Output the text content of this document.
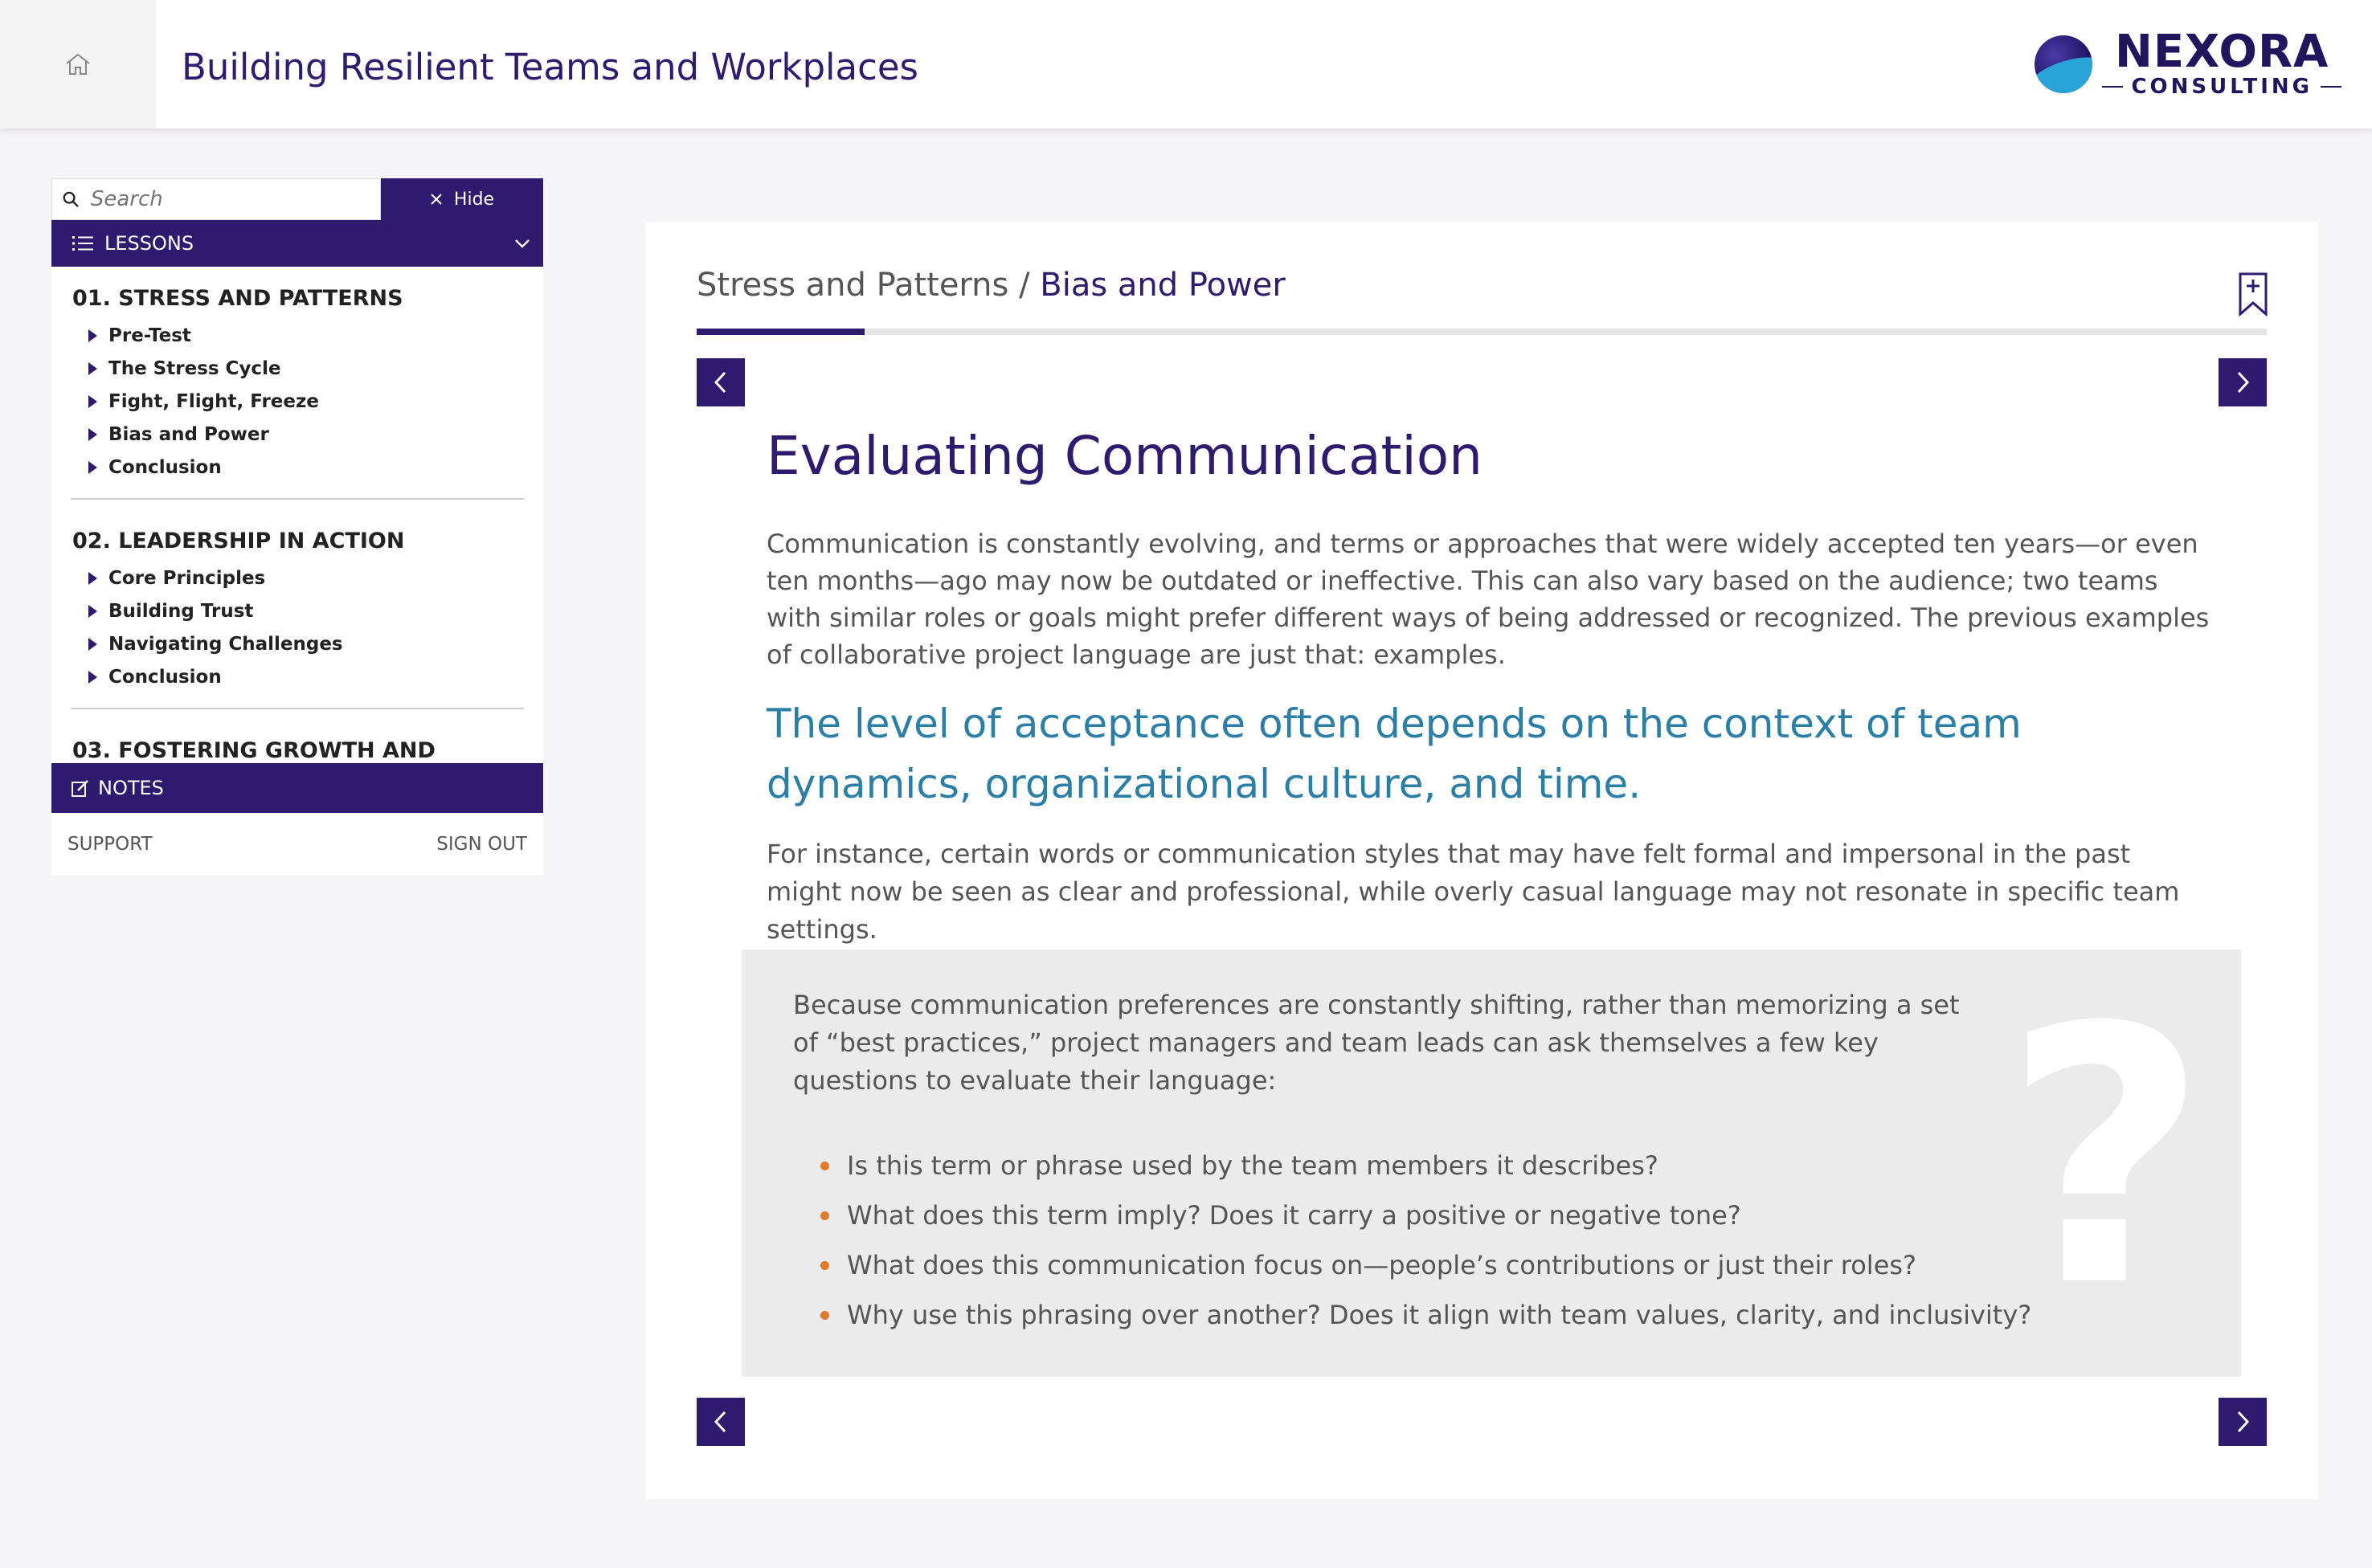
Building Resilient Teams and Workplaces	NEXORA
CONSULTING
Search
Hide
LESSONS
01. STRESS AND PATTERNS
Pre-Test
The Stress Cycle
Fight, Flight, Freeze
Bias and Power
Conclusion
02. LEADERSHIP IN ACTION
Core Principles
Building Trust
Navigating Challenges
Conclusion
03. FOSTERING GROWTH AND
NOTES
SUPPORT	SIGN OUT
Stress and Patterns / Bias and Power
Evaluating Communication

Communication is constantly evolving, and terms or approaches that were widely accepted ten years—or even ten months—ago may now be outdated or ineffective. This can also vary based on the audience; two teams with similar roles or goals might prefer different ways of being addressed or recognized. The previous examples of collaborative project language are just that: examples.

The level of acceptance often depends on the context of team dynamics, organizational culture, and time.

For instance, certain words or communication styles that may have felt formal and impersonal in the past might now be seen as clear and professional, while overly casual language may not resonate in specific team settings.

?

Because communication preferences are constantly shifting, rather than memorizing a set of “best practices,” project managers and team leads can ask themselves a few key questions to evaluate their language:

Is this term or phrase used by the team members it describes?
What does this term imply? Does it carry a positive or negative tone?
What does this communication focus on—people’s contributions or just their roles?
Why use this phrasing over another? Does it align with team values, clarity, and inclusivity?
